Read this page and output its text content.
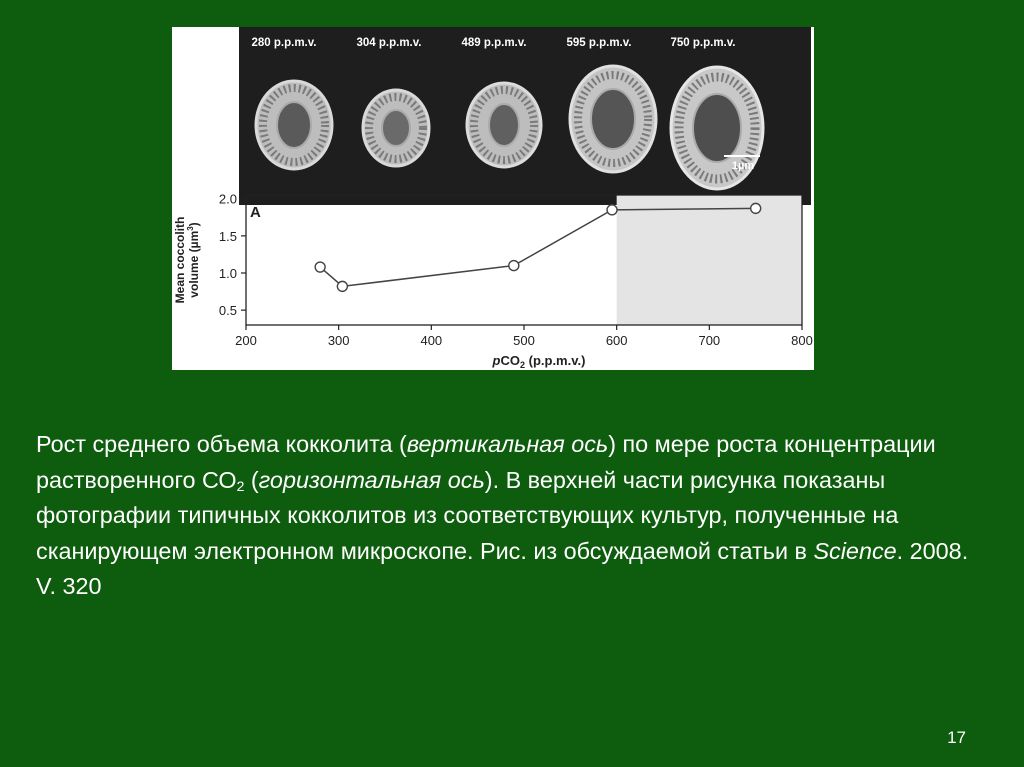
280 p.p.m.v.	304 p.p.m.v.	489 p.p.m.v.	595 p.p.m.v.	750 p.p.m.v.
1µm
A
0.5
1.0
1.5
2.0
200	300	400	500	600	700	800
pCO$_2$ (p.p.m.v.)
Mean coccolithvolume (µm$^3$)
Рост среднего объема кокколита (вертикальная ось) по мере роста концентрации растворенного $СО_2$ (горизонтальная ось). В верхней части рисунка показаны фотографии типичных кокколитов из соответствующих культур, полученные на сканирующем электронном микроскопе. Рис. из обсуждаемой статьи в Science. 2008. V. 320
17
